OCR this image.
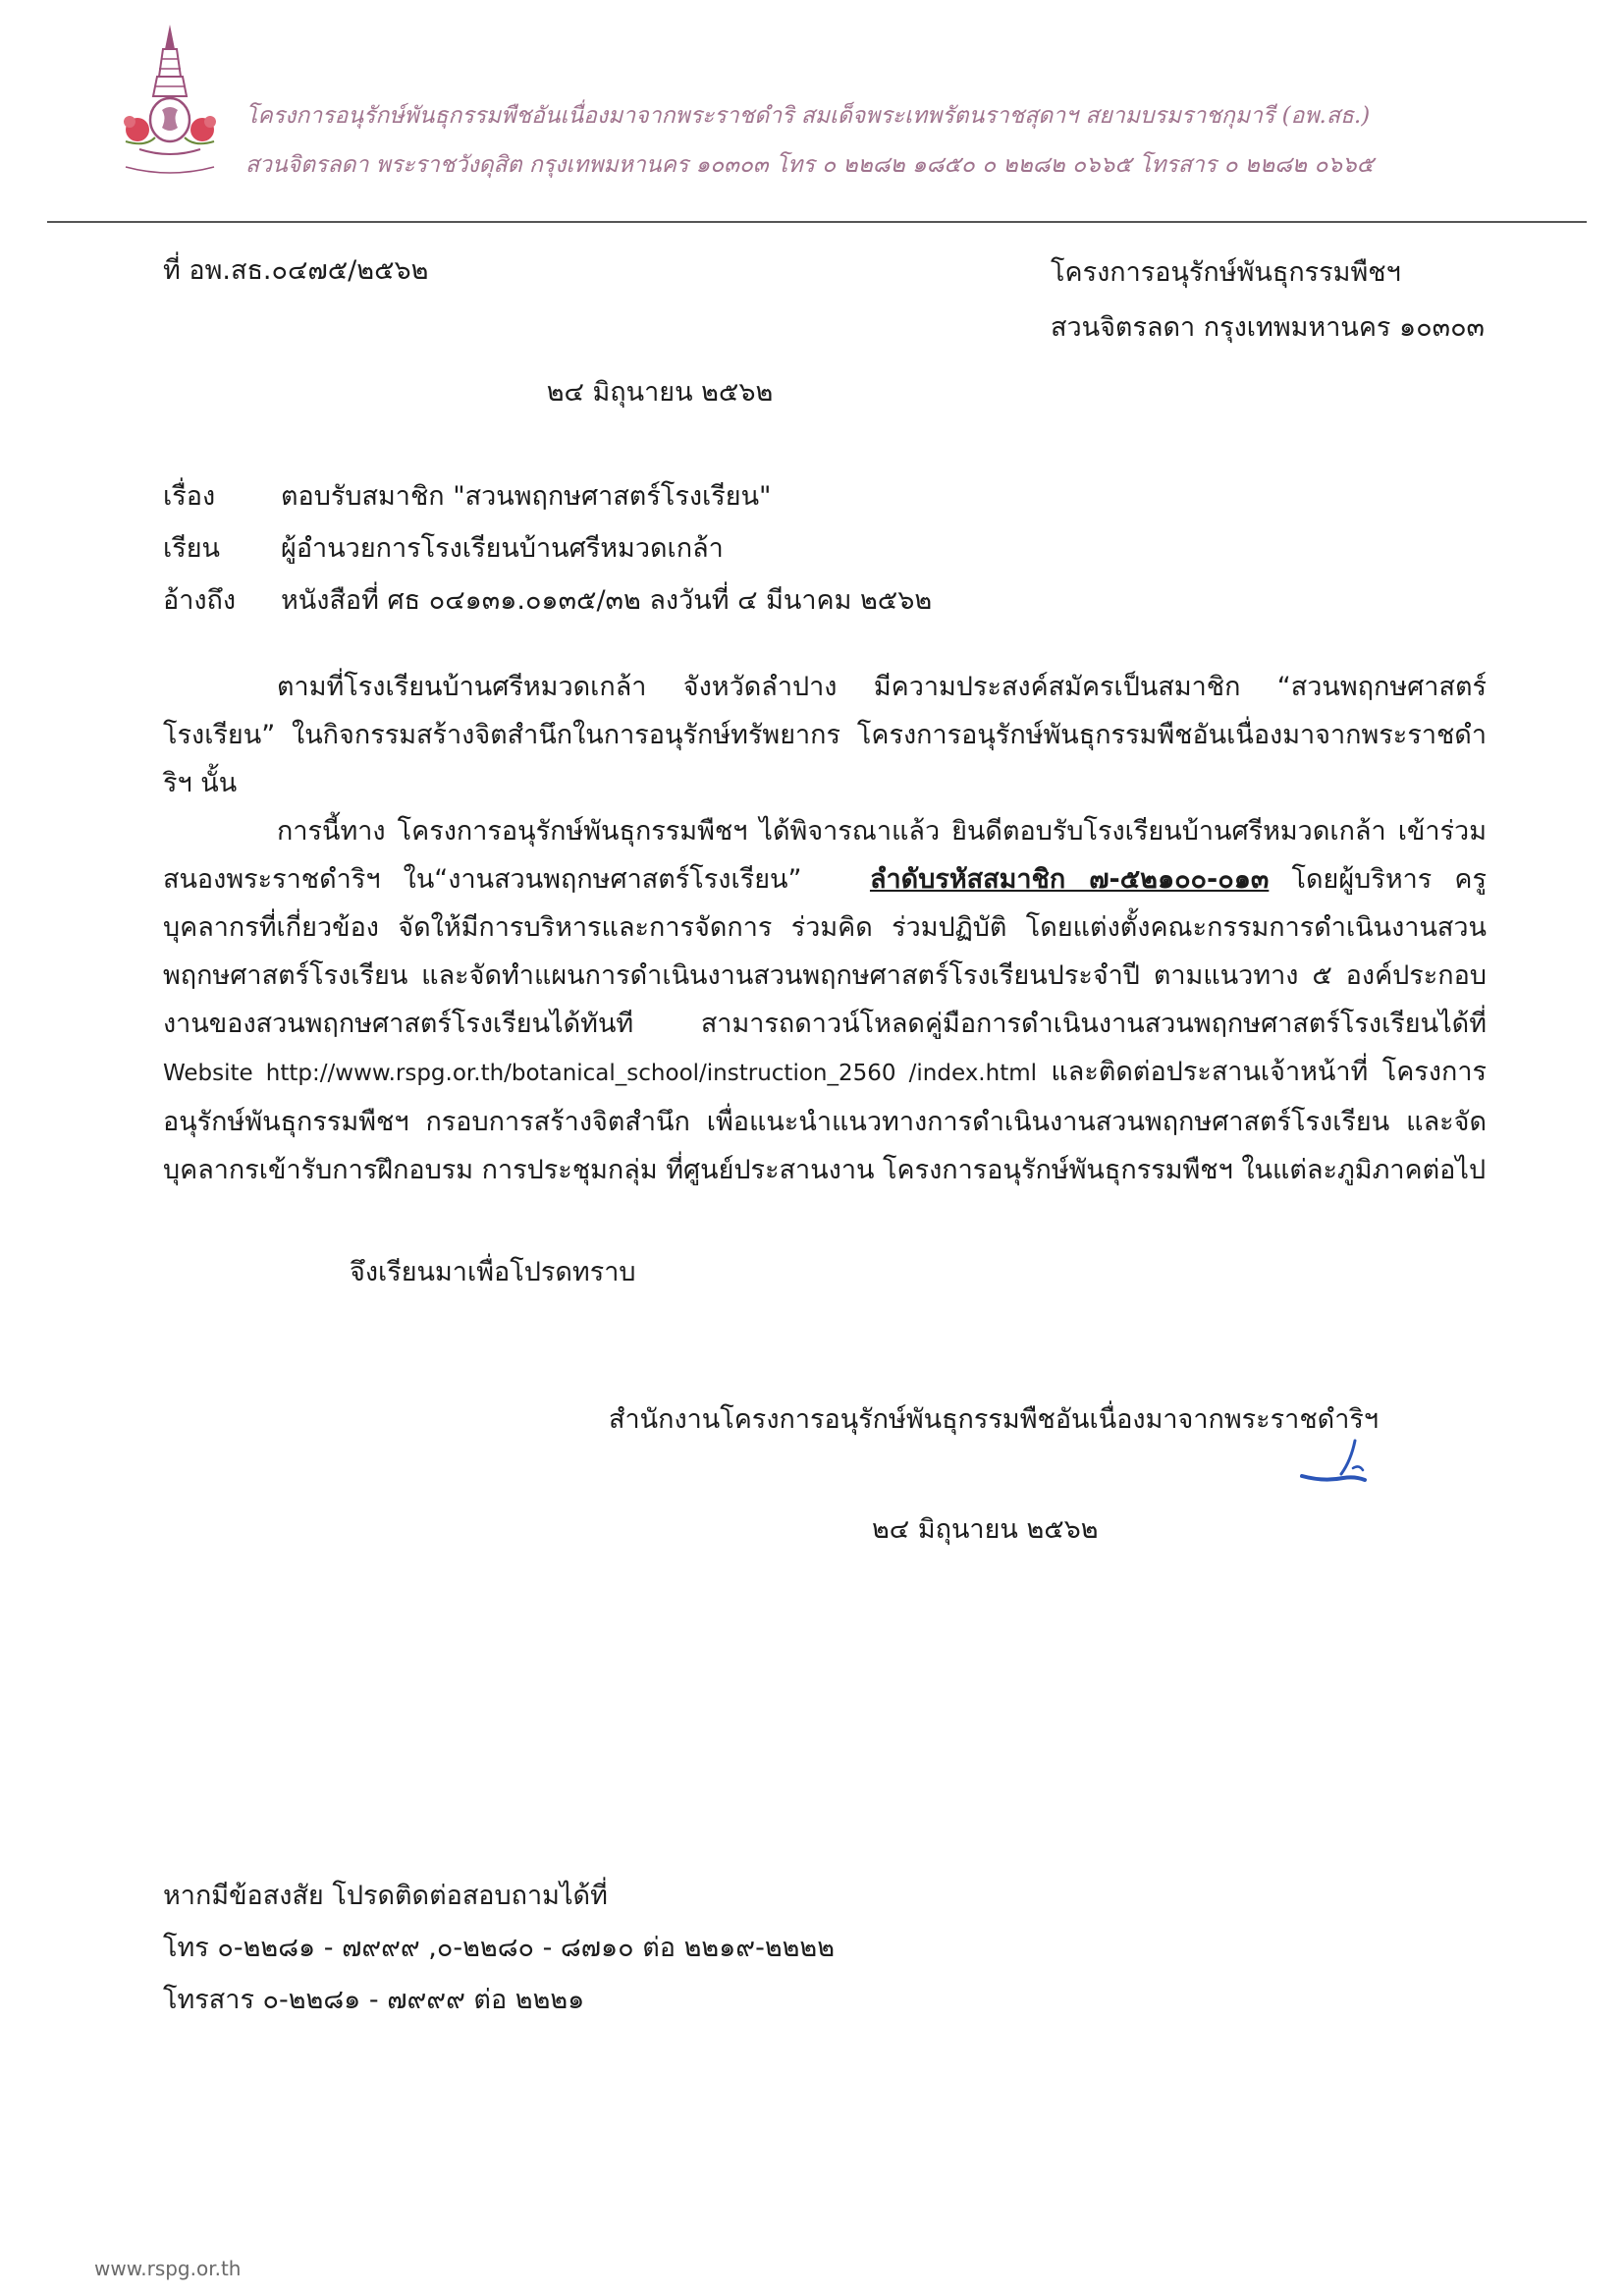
โครงการอนุรักษ์พันธุกรรมพืชอันเนื่องมาจากพระราชดำริ สมเด็จพระเทพรัตนราชสุดาฯ สยามบรมราชกุมารี (อพ.สธ.)
สวนจิตรลดา พระราชวังดุสิต กรุงเทพมหานคร ๑๐๓๐๓ โทร ๐ ๒๒๘๒ ๑๘๕๐ ๐ ๒๒๘๒ ๐๖๖๕ โทรสาร ๐ ๒๒๘๒ ๐๖๖๕
ที่ อพ.สธ.๐๔๗๕/๒๕๖๒	โครงการอนุรักษ์พันธุกรรมพืชฯ
สวนจิตรลดา กรุงเทพมหานคร ๑๐๓๐๓
๒๔ มิถุนายน ๒๕๖๒
เรื่อง ตอบรับสมาชิก "สวนพฤกษศาสตร์โรงเรียน"
เรียน ผู้อำนวยการโรงเรียนบ้านศรีหมวดเกล้า
อ้างถึง หนังสือที่ ศธ ๐๔๑๓๑.๐๑๓๕/๓๒ ลงวันที่ ๔ มีนาคม ๒๕๖๒

ตามที่โรงเรียนบ้านศรีหมวดเกล้า จังหวัดลำปาง มีความประสงค์สมัครเป็นสมาชิก “สวนพฤกษศาสตร์โรงเรียน” ในกิจกรรมสร้างจิตสำนึกในการอนุรักษ์ทรัพยากร โครงการอนุรักษ์พันธุกรรมพืชอันเนื่องมาจากพระราชดำริฯ นั้น

การนี้ทาง โครงการอนุรักษ์พันธุกรรมพืชฯ ได้พิจารณาแล้ว ยินดีตอบรับโรงเรียนบ้านศรีหมวดเกล้า เข้าร่วมสนองพระราชดำริฯ ใน“งานสวนพฤกษศาสตร์โรงเรียน”	ลำดับรหัสสมาชิก ๗-๕๒๑๐๐-๐๑๓ โดยผู้บริหาร ครู บุคลากรที่เกี่ยวข้อง จัดให้มีการบริหารและการจัดการ ร่วมคิด ร่วมปฏิบัติ โดยแต่งตั้งคณะกรรมการดำเนินงานสวนพฤกษศาสตร์โรงเรียน และจัดทำแผนการดำเนินงานสวนพฤกษศาสตร์โรงเรียนประจำปี ตามแนวทาง ๕ องค์ประกอบงานของสวนพฤกษศาสตร์โรงเรียนได้ทันที สามารถดาวน์โหลดคู่มือการดำเนินงานสวนพฤกษศาสตร์โรงเรียนได้ที่ Website http://www.rspg.or.th/botanical_school/instruction_2560 /index.html และติดต่อประสานเจ้าหน้าที่ โครงการอนุรักษ์พันธุกรรมพืชฯ กรอบการสร้างจิตสำนึก เพื่อแนะนำแนวทางการดำเนินงานสวนพฤกษศาสตร์โรงเรียน และจัดบุคลากรเข้ารับการฝึกอบรม การประชุมกลุ่ม ที่ศูนย์ประสานงาน โครงการอนุรักษ์พันธุกรรมพืชฯ ในแต่ละภูมิภาคต่อไป

จึงเรียนมาเพื่อโปรดทราบ
สำนักงานโครงการอนุรักษ์พันธุกรรมพืชอันเนื่องมาจากพระราชดำริฯ
๒๔ มิถุนายน ๒๕๖๒
หากมีข้อสงสัย โปรดติดต่อสอบถามได้ที่
โทร ๐-๒๒๘๑ - ๗๙๙๙ ,๐-๒๒๘๐ - ๘๗๑๐ ต่อ ๒๒๑๙-๒๒๒๒
โทรสาร ๐-๒๒๘๑ - ๗๙๙๙ ต่อ ๒๒๒๑
www.rspg.or.th
